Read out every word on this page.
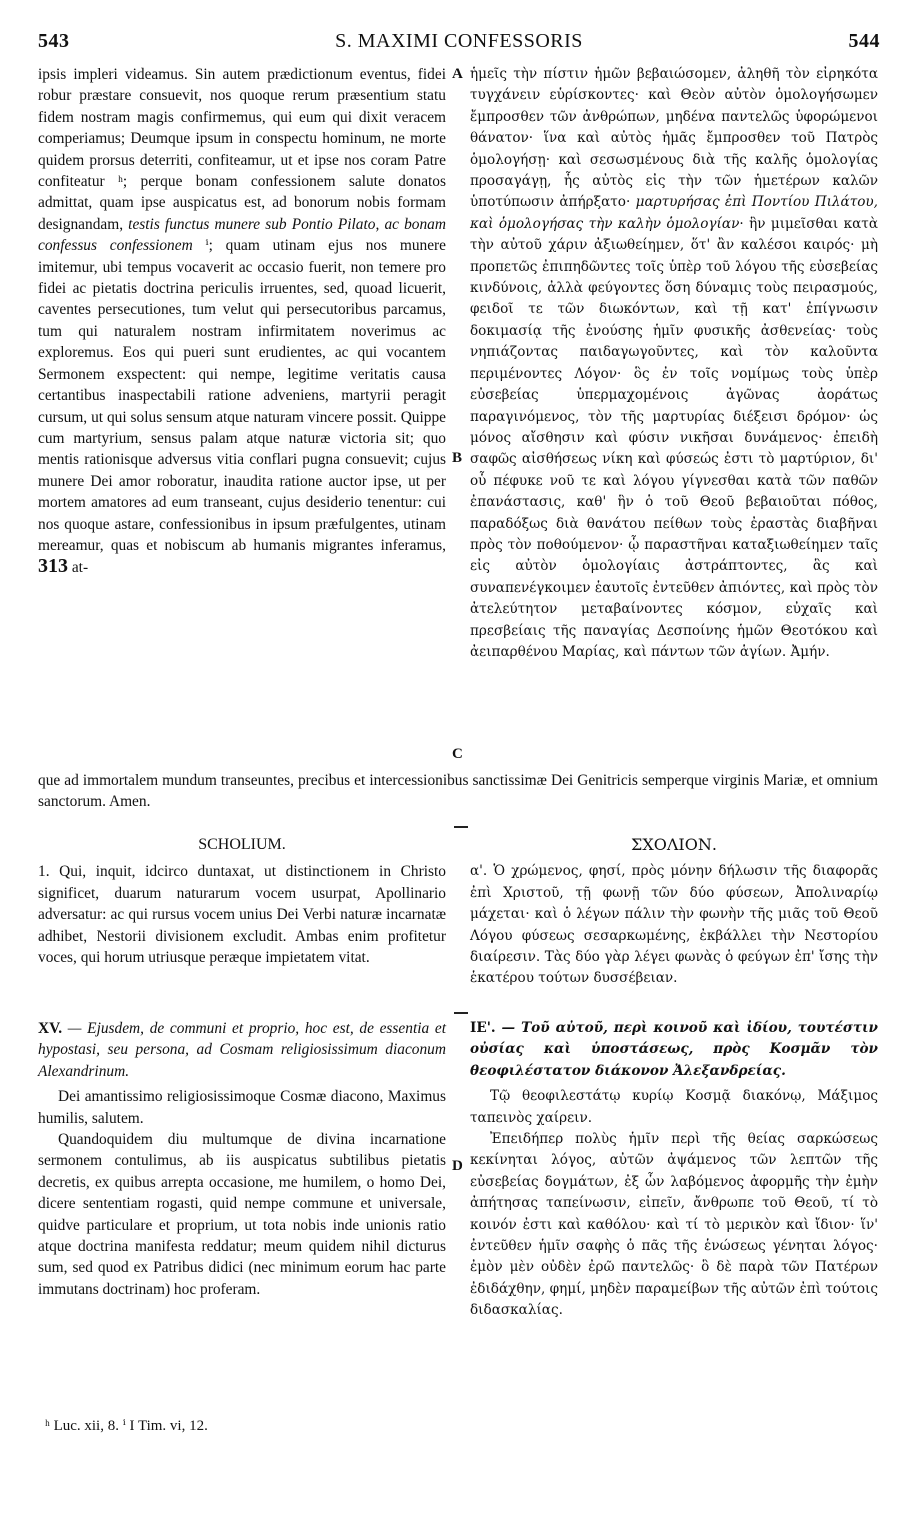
543	S. MAXIMI CONFESSORIS	544

ipsis impleri videamus. Sin autem prædictionum eventus, fidei robur præstare consuevit, nos quoque rerum præsentium statu fidem nostram magis confirmemus, qui eum qui dixit veracem comperiamus; Deumque ipsum in conspectu hominum, ne morte quidem prorsus deterriti, confiteamur, ut et ipse nos coram Patre confiteatur ʰ; perque bonam confessionem salute donatos admittat, quam ipse auspicatus est, ad bonorum nobis formam designandam, testis functus munere sub Pontio Pilato, ac bonam confessus confessionem ⁱ; quam utinam ejus nos munere imitemur, ubi tempus vocaverit ac occasio fuerit, non temere pro fidei ac pietatis doctrina periculis irruentes, sed, quoad licuerit, caventes persecutiones, tum velut qui persecutoribus parcamus, tum qui naturalem nostram infirmitatem noverimus ac exploremus. Eos qui pueri sunt erudientes, ac qui vocantem Sermonem exspectent: qui nempe, legitime veritatis causa certantibus inaspectabili ratione adveniens, martyrii peragit cursum, ut qui solus sensum atque naturam vincere possit. Quippe cum martyrium, sensus palam atque naturæ victoria sit; quo mentis rationisque adversus vitia conflari pugna consuevit; cujus munere Dei amor roboratur, inaudita ratione auctor ipse, ut per mortem amatores ad eum transeant, cujus desiderio tenentur: cui nos quoque astare, confessionibus in ipsum præfulgentes, utinam mereamur, quas et nobiscum ab humanis migrantes inferamus, 313 at-

ἡμεῖς τὴν πίστιν ἡμῶν βεβαιώσομεν, ἀληθῆ τὸν εἰρηκότα τυγχάνειν εὑρίσκοντες· καὶ Θεὸν αὐτὸν ὁμολογήσωμεν ἔμπροσθεν τῶν ἀνθρώπων, μηδένα παντελῶς ὑφορώμενοι θάνατον· ἵνα καὶ αὐτὸς ἡμᾶς ἔμπροσθεν τοῦ Πατρὸς ὁμολογήσῃ· καὶ σεσωσμένους διὰ τῆς καλῆς ὁμολογίας προσαγάγῃ, ἧς αὐτὸς εἰς τὴν τῶν ἡμετέρων καλῶν ὑποτύπωσιν ἀπήρξατο· μαρτυρήσας ἐπὶ Ποντίου Πιλάτου, καὶ ὁμολογήσας τὴν καλὴν ὁμολογίαν· ἣν μιμεῖσθαι κατὰ τὴν αὐτοῦ χάριν ἀξιωθείημεν, ὅτ' ἂν καλέσοι καιρός· μὴ προπετῶς ἐπιπηδῶντες τοῖς ὑπὲρ τοῦ λόγου τῆς εὐσεβείας κινδύνοις, ἀλλὰ φεύγοντες ὅση δύναμις τοὺς πειρασμούς, φειδοῖ τε τῶν διωκόντων, καὶ τῇ κατ' ἐπίγνωσιν δοκιμασίᾳ τῆς ἐνούσης ἡμῖν φυσικῆς ἀσθενείας· τοὺς νηπιάζοντας παιδαγωγοῦντες, καὶ τὸν καλοῦντα περιμένοντες Λόγον· ὃς ἐν τοῖς νομίμως τοὺς ὑπὲρ εὐσεβείας ὑπερμαχομένοις ἀγῶνας ἀοράτως παραγινόμενος, τὸν τῆς μαρτυρίας διέξεισι δρόμον· ὡς μόνος αἴσθησιν καὶ φύσιν νικῆσαι δυνάμενος· ἐπειδὴ σαφῶς αἰσθήσεως νίκη καὶ φύσεώς ἐστι τὸ μαρτύριον, δι' οὗ πέφυκε νοῦ τε καὶ λόγου γίγνεσθαι κατὰ τῶν παθῶν ἐπανάστασις, καθ' ἣν ὁ τοῦ Θεοῦ βεβαιοῦται πόθος, παραδόξως διὰ θανάτου πείθων τοὺς ἐραστὰς διαβῆναι πρὸς τὸν ποθούμενον· ᾧ παραστῆναι καταξιωθείημεν ταῖς εἰς αὐτὸν ὁμολογίαις ἀστράπτοντες, ἃς καὶ συναπενέγκοιμεν ἑαυτοῖς ἐντεῦθεν ἀπιόντες, καὶ πρὸς τὸν ἀτελεύτητον μεταβαίνοντες κόσμον, εὐχαῖς καὶ πρεσβείαις τῆς παναγίας Δεσποίνης ἡμῶν Θεοτόκου καὶ ἀειπαρθένου Μαρίας, καὶ πάντων τῶν ἁγίων. Ἀμήν.

A
B
C
D
que ad immortalem mundum transeuntes, precibus et intercessionibus sanctissimæ Dei Genitricis semperque virginis Mariæ, et omnium sanctorum. Amen.
SCHOLIUM.

1. Qui, inquit, idcirco duntaxat, ut distinctionem in Christo significet, duarum naturarum vocem usurpat, Apollinario adversatur: ac qui rursus vocem unius Dei Verbi naturæ incarnatæ adhibet, Nestorii divisionem excludit. Ambas enim profitetur voces, qui horum utriusque peræque impietatem vitat.

ΣΧΟΛΙΟΝ.

α'. Ὁ χρώμενος, φησί, πρὸς μόνην δήλωσιν τῆς διαφορᾶς ἐπὶ Χριστοῦ, τῇ φωνῇ τῶν δύο φύσεων, Ἀπολιναρίῳ μάχεται· καὶ ὁ λέγων πάλιν τὴν φωνὴν τῆς μιᾶς τοῦ Θεοῦ Λόγου φύσεως σεσαρκωμένης, ἐκβάλλει τὴν Νεστορίου διαίρεσιν. Τὰς δύο γὰρ λέγει φωνὰς ὁ φεύγων ἐπ' ἴσης τὴν ἑκατέρου τούτων δυσσέβειαν.

XV. — Ejusdem, de communi et proprio, hoc est, de essentia et hypostasi, seu persona, ad Cosmam religiosissimum diaconum Alexandrinum.

Dei amantissimo religiosissimoque Cosmæ diacono, Maximus humilis, salutem.

Quandoquidem diu multumque de divina incarnatione sermonem contulimus, ab iis auspicatus subtilibus pietatis decretis, ex quibus arrepta occasione, me humilem, o homo Dei, dicere sententiam rogasti, quid nempe commune et universale, quidve particulare et proprium, ut tota nobis inde unionis ratio atque doctrina manifesta reddatur; meum quidem nihil dicturus sum, sed quod ex Patribus didici (nec minimum eorum hac parte immutans doctrinam) hoc proferam.

ΙΕ'. — Τοῦ αὐτοῦ, περὶ κοινοῦ καὶ ἰδίου, τουτέστιν οὐσίας καὶ ὑποστάσεως, πρὸς Κοσμᾶν τὸν θεοφιλέστατον διάκονον Ἀλεξανδρείας.

Τῷ θεοφιλεστάτῳ κυρίῳ Κοσμᾷ διακόνῳ, Μάξιμος ταπεινὸς χαίρειν.

Ἐπειδήπερ πολὺς ἡμῖν περὶ τῆς θείας σαρκώσεως κεκίνηται λόγος, αὐτῶν ἀψάμενος τῶν λεπτῶν τῆς εὐσεβείας δογμάτων, ἐξ ὧν λαβόμενος ἀφορμῆς τὴν ἐμὴν ἀπήτησας ταπείνωσιν, εἰπεῖν, ἄνθρωπε τοῦ Θεοῦ, τί τὸ κοινόν ἐστι καὶ καθόλου· καὶ τί τὸ μερικὸν καὶ ἴδιον· ἵν' ἐντεῦθεν ἡμῖν σαφὴς ὁ πᾶς τῆς ἑνώσεως γένηται λόγος· ἐμὸν μὲν οὐδὲν ἐρῶ παντελῶς· ὃ δὲ παρὰ τῶν Πατέρων ἐδιδάχθην, φημί, μηδὲν παραμείβων τῆς αὐτῶν ἐπὶ τούτοις διδασκαλίας.

ʰ Luc. xii, 8. ⁱ I Tim. vi, 12.
